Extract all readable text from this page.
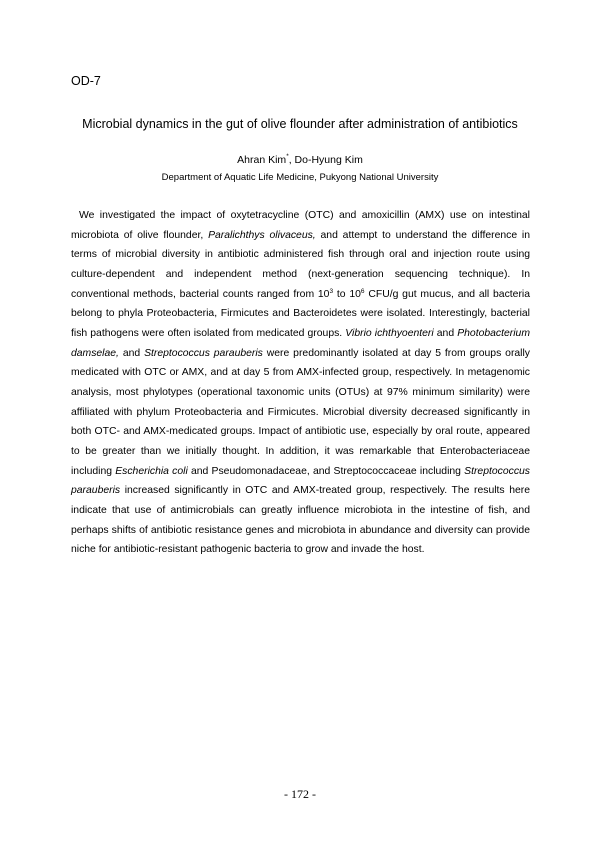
OD-7
Microbial dynamics in the gut of olive flounder after administration of antibiotics
Ahran Kim*, Do-Hyung Kim
Department of Aquatic Life Medicine, Pukyong National University

We investigated the impact of oxytetracycline (OTC) and amoxicillin (AMX) use on intestinal microbiota of olive flounder, Paralichthys olivaceus, and attempt to understand the difference in terms of microbial diversity in antibiotic administered fish through oral and injection route using culture-dependent and independent method (next-generation sequencing technique). In conventional methods, bacterial counts ranged from $10^3$ to $10^6$ CFU/g gut mucus, and all bacteria belong to phyla Proteobacteria, Firmicutes and Bacteroidetes were isolated. Interestingly, bacterial fish pathogens were often isolated from medicated groups. Vibrio ichthyoenteri and Photobacterium damselae, and Streptococcus parauberis were predominantly isolated at day 5 from groups orally medicated with OTC or AMX, and at day 5 from AMX-infected group, respectively. In metagenomic analysis, most phylotypes (operational taxonomic units (OTUs) at 97% minimum similarity) were affiliated with phylum Proteobacteria and Firmicutes. Microbial diversity decreased significantly in both OTC- and AMX-medicated groups. Impact of antibiotic use, especially by oral route, appeared to be greater than we initially thought. In addition, it was remarkable that Enterobacteriaceae including Escherichia coli and Pseudomonadaceae, and Streptococcaceae including Streptococcus parauberis increased significantly in OTC and AMX-treated group, respectively. The results here indicate that use of antimicrobials can greatly influence microbiota in the intestine of fish, and perhaps shifts of antibiotic resistance genes and microbiota in abundance and diversity can provide niche for antibiotic-resistant pathogenic bacteria to grow and invade the host.

- 172 -
